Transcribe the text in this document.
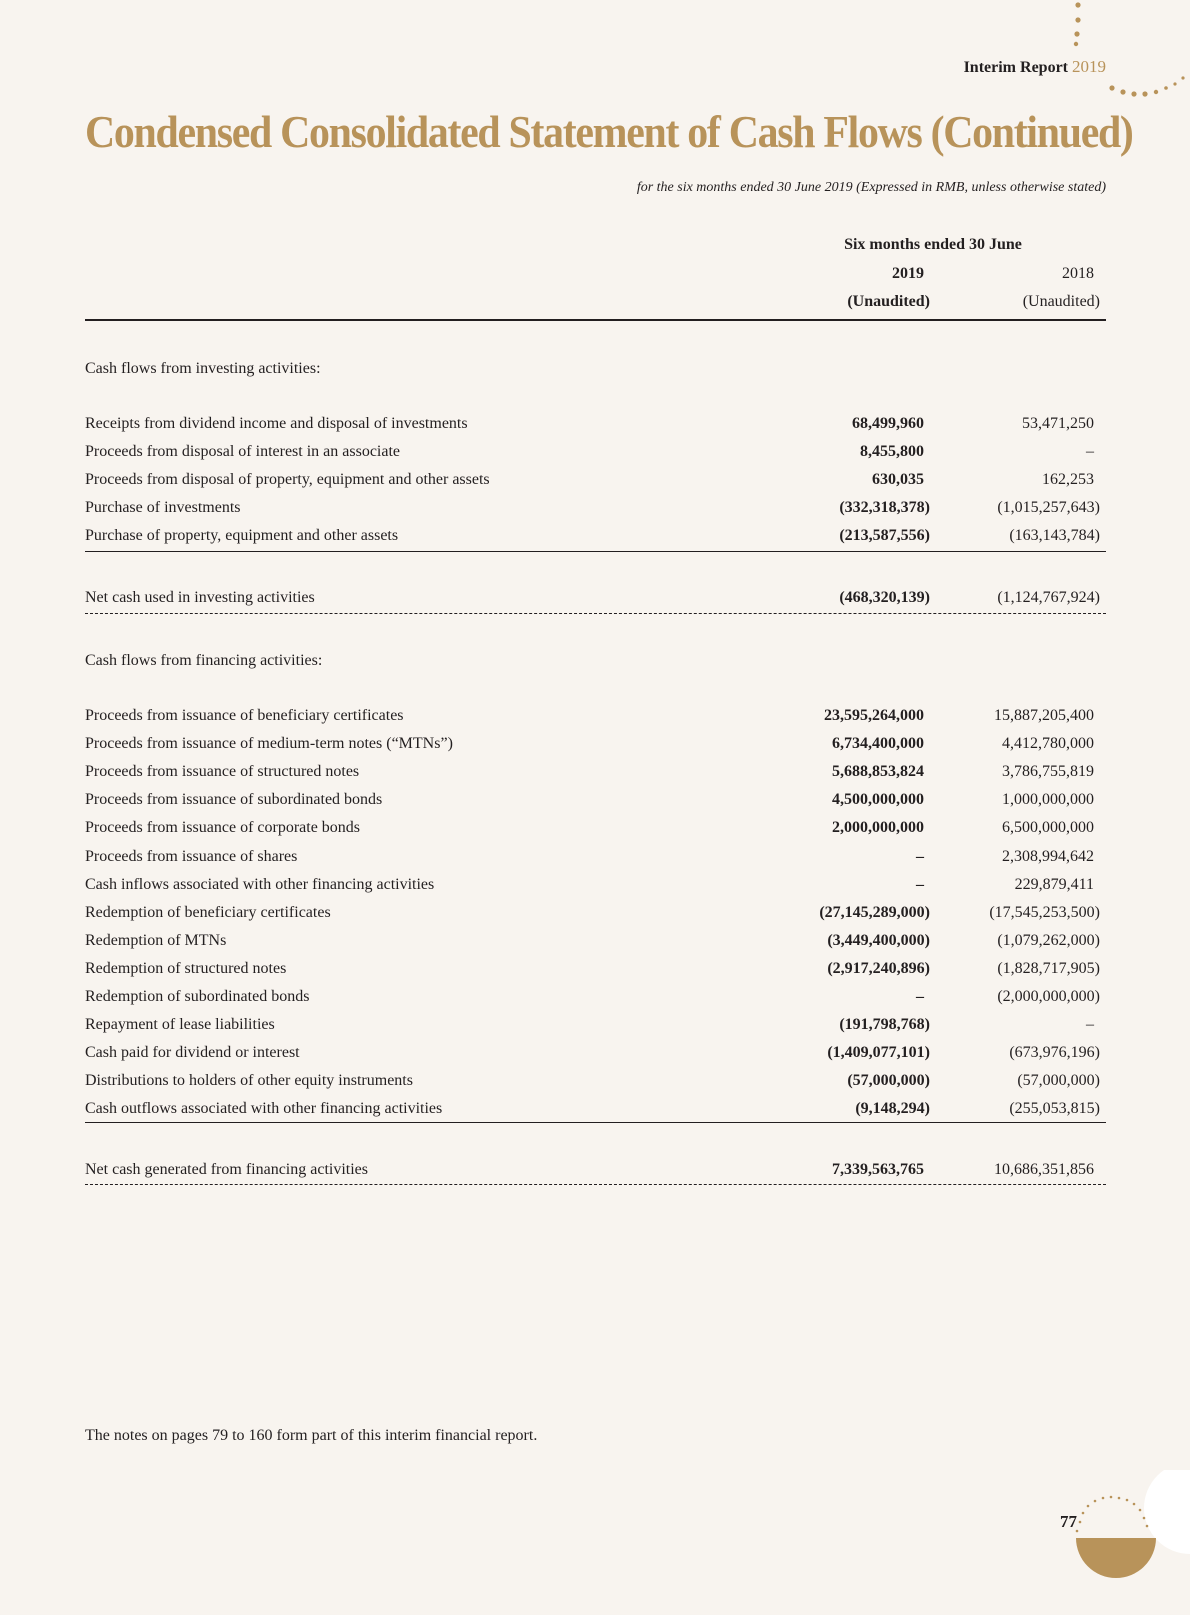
Interim Report 2019
Condensed Consolidated Statement of Cash Flows (Continued)
for the six months ended 30 June 2019 (Expressed in RMB, unless otherwise stated)
Six months ended 30 June
2019	2018
(Unaudited)	(Unaudited)
Cash flows from investing activities:
Receipts from dividend income and disposal of investments	68,499,960	53,471,250
Proceeds from disposal of interest in an associate	8,455,800	–
Proceeds from disposal of property, equipment and other assets	630,035	162,253
Purchase of investments	(332,318,378)	(1,015,257,643)
Purchase of property, equipment and other assets	(213,587,556)	(163,143,784)
Net cash used in investing activities	(468,320,139)	(1,124,767,924)
Cash flows from financing activities:
Proceeds from issuance of beneficiary certificates	23,595,264,000	15,887,205,400
Proceeds from issuance of medium-term notes (“MTNs”)	6,734,400,000	4,412,780,000
Proceeds from issuance of structured notes	5,688,853,824	3,786,755,819
Proceeds from issuance of subordinated bonds	4,500,000,000	1,000,000,000
Proceeds from issuance of corporate bonds	2,000,000,000	6,500,000,000
Proceeds from issuance of shares	–	2,308,994,642
Cash inflows associated with other financing activities	–	229,879,411
Redemption of beneficiary certificates	(27,145,289,000)	(17,545,253,500)
Redemption of MTNs	(3,449,400,000)	(1,079,262,000)
Redemption of structured notes	(2,917,240,896)	(1,828,717,905)
Redemption of subordinated bonds	–	(2,000,000,000)
Repayment of lease liabilities	(191,798,768)	–
Cash paid for dividend or interest	(1,409,077,101)	(673,976,196)
Distributions to holders of other equity instruments	(57,000,000)	(57,000,000)
Cash outflows associated with other financing activities	(9,148,294)	(255,053,815)
Net cash generated from financing activities	7,339,563,765	10,686,351,856
The notes on pages 79 to 160 form part of this interim financial report.
77
